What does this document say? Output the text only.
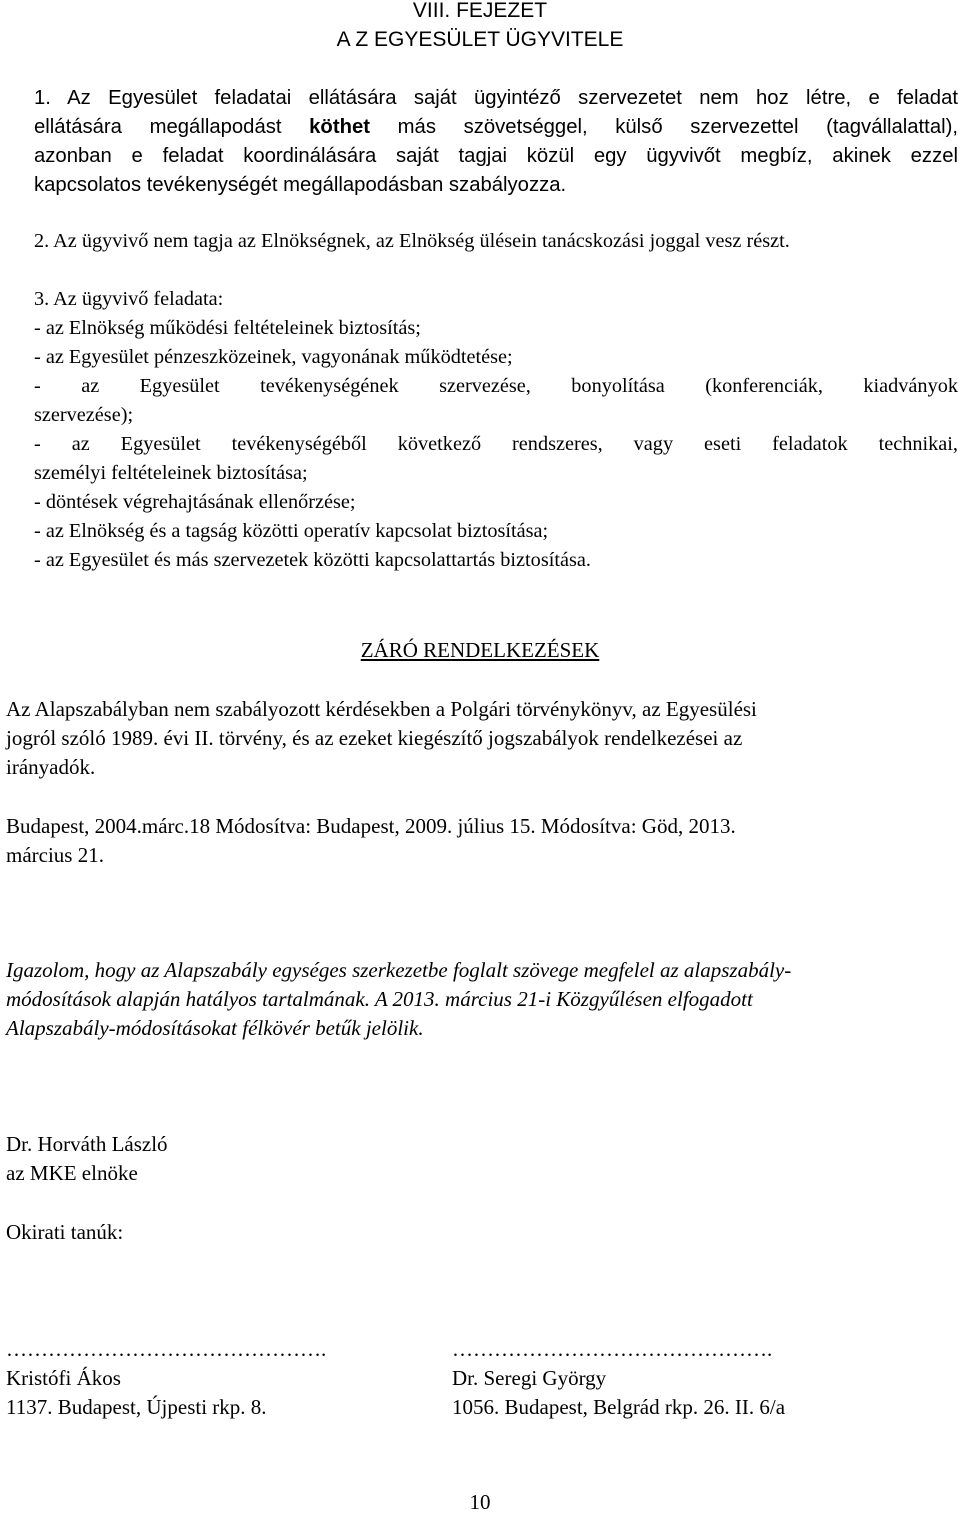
VIII. FEJEZET
A Z EGYESÜLET ÜGYVITELE
1. Az Egyesület feladatai ellátására saját ügyintéző szervezetet nem hoz létre, e feladat
ellátására megállapodást köthet más szövetséggel, külső szervezettel (tagvállalattal),
azonban e feladat koordinálására saját tagjai közül egy ügyvivőt megbíz, akinek ezzel
kapcsolatos tevékenységét megállapodásban szabályozza.
2. Az ügyvivő nem tagja az Elnökségnek, az Elnökség ülésein tanácskozási joggal vesz részt.
3. Az ügyvivő feladata:
- az Elnökség működési feltételeinek biztosítás;
- az Egyesület pénzeszközeinek, vagyonának működtetése;
- az Egyesület tevékenységének szervezése, bonyolítása (konferenciák, kiadványok
szervezése);
- az Egyesület tevékenységéből következő rendszeres, vagy eseti feladatok technikai,
személyi feltételeinek biztosítása;
- döntések végrehajtásának ellenőrzése;
- az Elnökség és a tagság közötti operatív kapcsolat biztosítása;
- az Egyesület és más szervezetek közötti kapcsolattartás biztosítása.
ZÁRÓ RENDELKEZÉSEK
Az Alapszabályban nem szabályozott kérdésekben a Polgári törvénykönyv, az Egyesülési
jogról szóló 1989. évi II. törvény, és az ezeket kiegészítő jogszabályok rendelkezései az
irányadók.
Budapest, 2004.márc.18 Módosítva: Budapest, 2009. július 15. Módosítva: Göd, 2013.
március 21.
Igazolom, hogy az Alapszabály egységes szerkezetbe foglalt szövege megfelel az alapszabály-
módosítások alapján hatályos tartalmának. A 2013. március 21-i Közgyűlésen elfogadott
Alapszabály-módosításokat félkövér betűk jelölik.
Dr. Horváth László
az MKE elnöke
Okirati tanúk:
……………………………………….
Kristófi Ákos
1137. Budapest, Újpesti rkp. 8.
……………………………………….
Dr. Seregi György
1056. Budapest, Belgrád rkp. 26. II. 6/a
10
